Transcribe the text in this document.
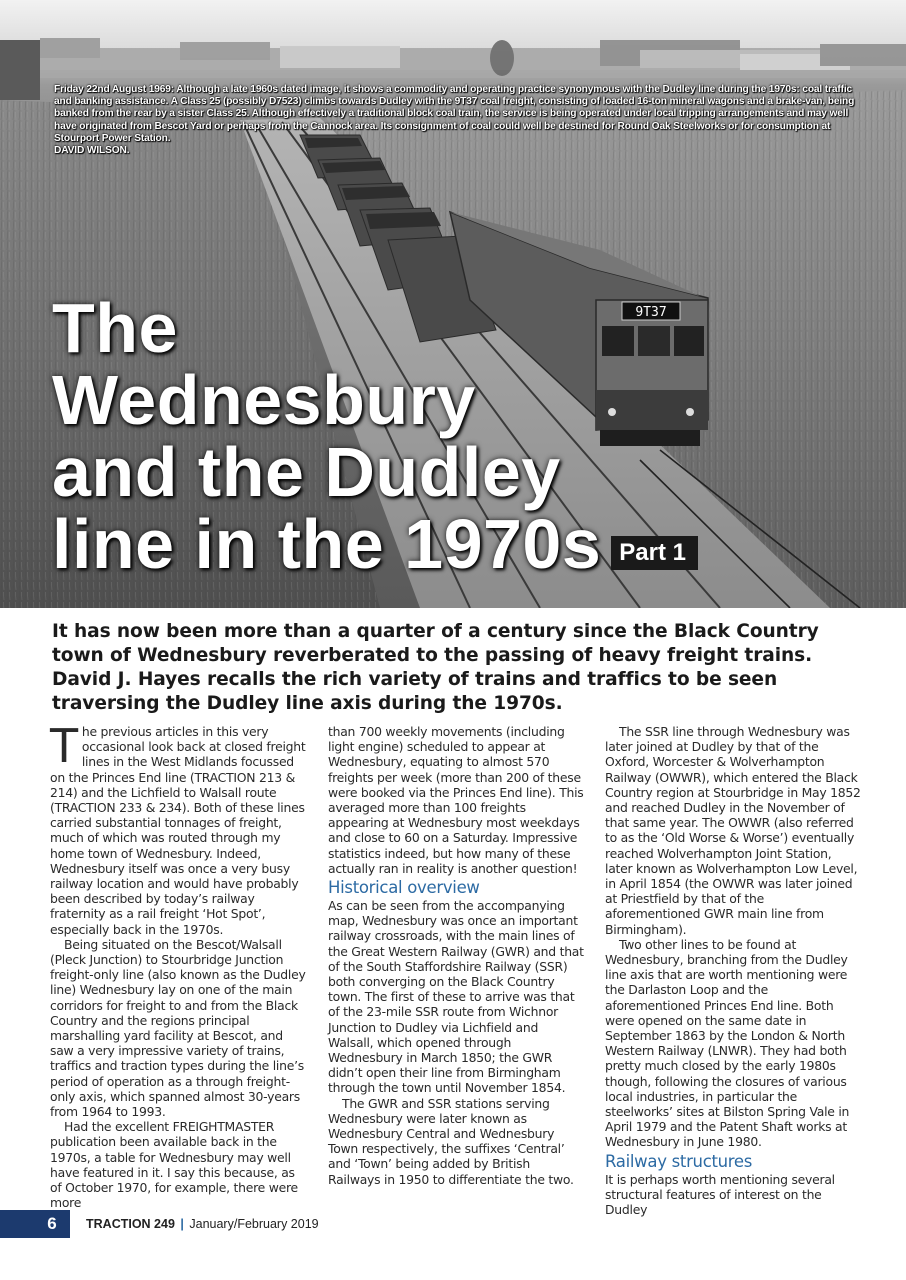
9T37
Friday 22nd August 1969: Although a late 1960s dated image, it shows a commodity and operating practice synonymous with the Dudley line during the 1970s: coal traffic and banking assistance. A Class 25 (possibly D7523) climbs towards Dudley with the 9T37 coal freight, consisting of loaded 16-ton mineral wagons and a brake-van, being banked from the rear by a sister Class 25. Although effectively a traditional block coal train, the service is being operated under local tripping arrangements and may well have originated from Bescot Yard or perhaps from the Cannock area. Its consignment of coal could well be destined for Round Oak Steelworks or for consumption at Stourport Power Station.
DAVID WILSON.
The
Wednesbury
and the Dudley
line in the 1970s Part 1

It has now been more than a quarter of a century since the Black Country town of Wednesbury reverberated to the passing of heavy freight trains. David J. Hayes recalls the rich variety of trains and traffics to be seen traversing the Dudley line axis during the 1970s.

The previous articles in this very occasional look back at closed freight lines in the West Midlands focussed on the Princes End line (TRACTION 213 & 214) and the Lichfield to Walsall route (TRACTION 233 & 234). Both of these lines carried substantial tonnages of freight, much of which was routed through my home town of Wednesbury. Indeed, Wednesbury itself was once a very busy railway location and would have probably been described by today’s railway fraternity as a rail freight ‘Hot Spot’, especially back in the 1970s.

Being situated on the Bescot/Walsall (Pleck Junction) to Stourbridge Junction freight-only line (also known as the Dudley line) Wednesbury lay on one of the main corridors for freight to and from the Black Country and the regions principal marshalling yard facility at Bescot, and saw a very impressive variety of trains, traffics and traction types during the line’s period of operation as a through freight-only axis, which spanned almost 30-years from 1964 to 1993.

Had the excellent FREIGHTMASTER publication been available back in the 1970s, a table for Wednesbury may well have featured in it. I say this because, as of October 1970, for example, there were more

than 700 weekly movements (including light engine) scheduled to appear at Wednesbury, equating to almost 570 freights per week (more than 200 of these were booked via the Princes End line). This averaged more than 100 freights appearing at Wednesbury most weekdays and close to 60 on a Saturday. Impressive statistics indeed, but how many of these actually ran in reality is another question!

Historical overview

As can be seen from the accompanying map, Wednesbury was once an important railway crossroads, with the main lines of the Great Western Railway (GWR) and that of the South Staffordshire Railway (SSR) both converging on the Black Country town. The first of these to arrive was that of the 23-mile SSR route from Wichnor Junction to Dudley via Lichfield and Walsall, which opened through Wednesbury in March 1850; the GWR didn’t open their line from Birmingham through the town until November 1854.

The GWR and SSR stations serving Wednesbury were later known as Wednesbury Central and Wednesbury Town respectively, the suffixes ‘Central’ and ‘Town’ being added by British Railways in 1950 to differentiate the two.

The SSR line through Wednesbury was later joined at Dudley by that of the Oxford, Worcester & Wolverhampton Railway (OWWR), which entered the Black Country region at Stourbridge in May 1852 and reached Dudley in the November of that same year. The OWWR (also referred to as the ‘Old Worse & Worse’) eventually reached Wolverhampton Joint Station, later known as Wolverhampton Low Level, in April 1854 (the OWWR was later joined at Priestfield by that of the aforementioned GWR main line from Birmingham).

Two other lines to be found at Wednesbury, branching from the Dudley line axis that are worth mentioning were the Darlaston Loop and the aforementioned Princes End line. Both were opened on the same date in September 1863 by the London & North Western Railway (LNWR). They had both pretty much closed by the early 1980s though, following the closures of various local industries, in particular the steelworks’ sites at Bilston Spring Vale in April 1979 and the Patent Shaft works at Wednesbury in June 1980.

Railway structures

It is perhaps worth mentioning several structural features of interest on the Dudley

6	TRACTION 249 | January/February 2019
